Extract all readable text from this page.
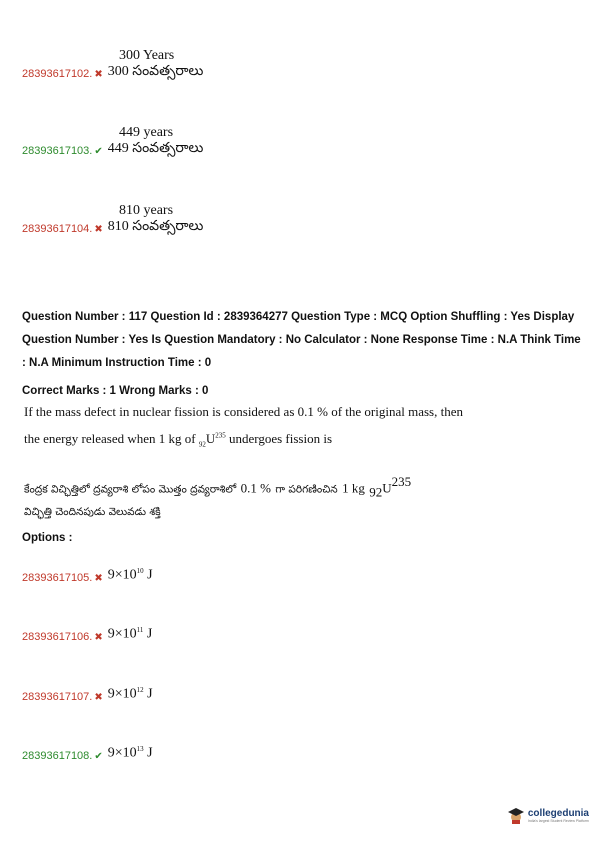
300 Years
28393617102. ✖ 300 సంవత్సరాలు
449 years
28393617103. ✔ 449 సంవత్సరాలు
810 years
28393617104. ✖ 810 సంవత్సరాలు
Question Number : 117 Question Id : 2839364277 Question Type : MCQ Option Shuffling : Yes Display Question Number : Yes Is Question Mandatory : No Calculator : None Response Time : N.A Think Time : N.A Minimum Instruction Time : 0
Correct Marks : 1 Wrong Marks : 0
If the mass defect in nuclear fission is considered as 0.1 % of the original mass, then
the energy released when 1 kg of $_{92}U^{235}$ undergoes fission is
కేంద్రక విచ్ఛిత్తిలో ద్రవ్యరాశి లోపం మొత్తం ద్రవ్యరాశిలో 0.1 % గా పరిగణించిన 1 kg $_{92}U^{235}$
విచ్ఛిత్తి చెందినపుడు వెలువడు శక్తి
Options :
28393617105. ✖ $9\times 10^{10}$ J
28393617106. ✖ $9\times 10^{11}$ J
28393617107. ✖ $9\times 10^{12}$ J
28393617108. ✔ $9\times 10^{13}$ J
collegedunia
India's largest Student Review Platform
